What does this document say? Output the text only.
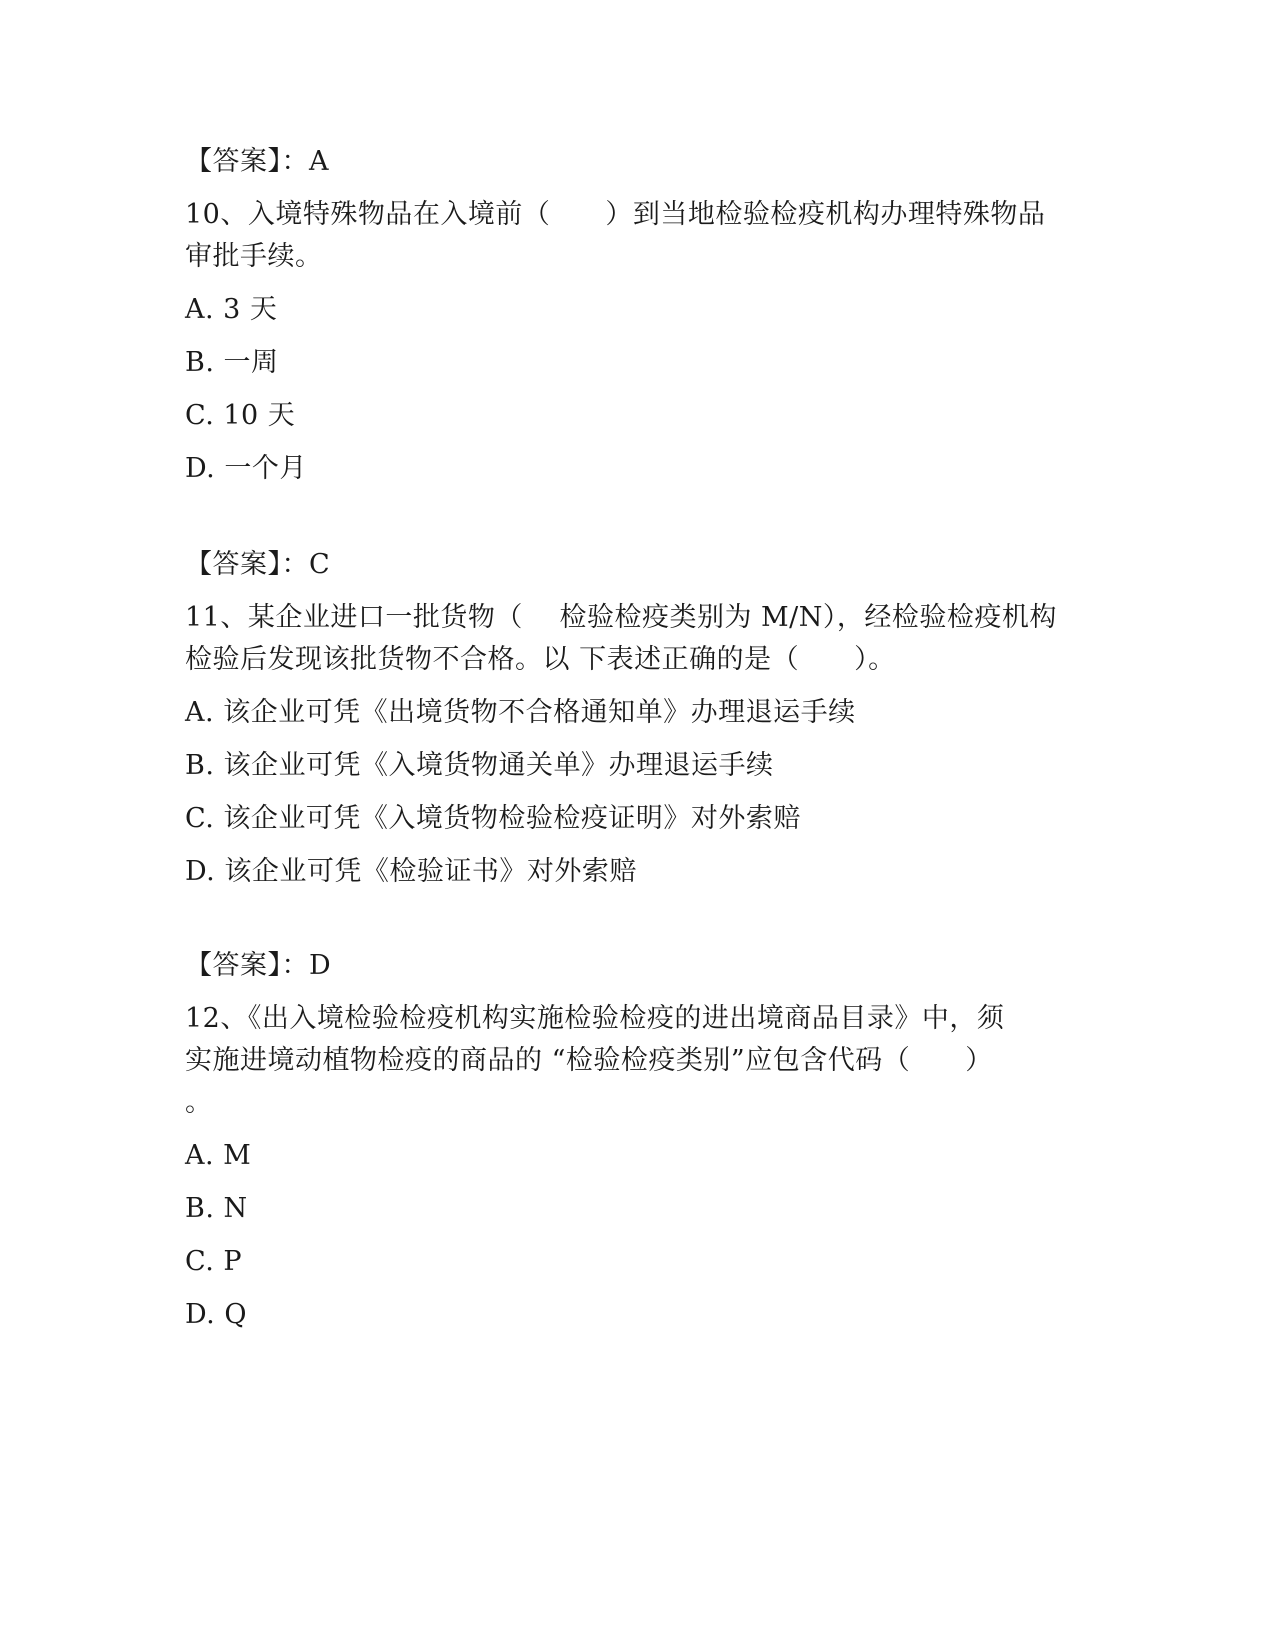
【答案】：A
10、入境特殊物品在入境前（　　）到当地检验检疫机构办理特殊物品
审批手续。
A. 3 天
B. 一周
C. 10 天
D. 一个月
【答案】：C
11、某企业进口一批货物（　 检验检疫类别为 M/N），经检验检疫机构
检验后发现该批货物不合格。以 下表述正确的是（　　）。
A. 该企业可凭《出境货物不合格通知单》办理退运手续
B. 该企业可凭《入境货物通关单》办理退运手续
C. 该企业可凭《入境货物检验检疫证明》对外索赔
D. 该企业可凭《检验证书》对外索赔
【答案】：D
12、《出入境检验检疫机构实施检验检疫的进出境商品目录》中，须
实施进境动植物检疫的商品的 “检验检疫类别”应包含代码（　　）
。
A. M
B. N
C. P
D. Q
